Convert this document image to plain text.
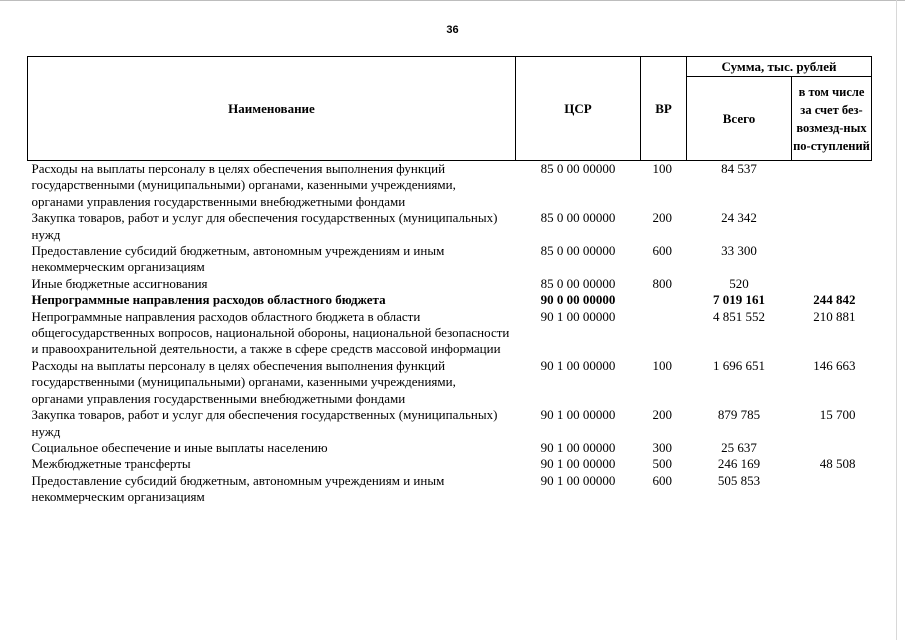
36
Наименование	ЦСР	ВР	Сумма, тыс. рублей	
			Всего	в том числе за счет без-возмезд-ных по-ступлений
Расходы на выплаты персоналу в целях обеспечения выполнения функций государственными (муниципальными) органами, казенными учреждениями, органами управления государственными внебюджетными фондами	85 0 00 00000	100	84 537	
Закупка товаров, работ и услуг для обеспечения государственных (муниципальных) нужд	85 0 00 00000	200	24 342	
Предоставление субсидий бюджетным, автономным учреждениям и иным некоммерческим организациям	85 0 00 00000	600	33 300	
Иные бюджетные ассигнования	85 0 00 00000	800	520	
Непрограммные направления расходов областного бюджета	90 0 00 00000		7 019 161	244 842
Непрограммные направления расходов областного бюджета в области общегосударственных вопросов, национальной обороны, национальной безопасности и правоохранительной деятельности, а также в сфере средств массовой информации	90 1 00 00000		4 851 552	210 881
Расходы на выплаты персоналу в целях обеспечения выполнения функций государственными (муниципальными) органами, казенными учреждениями, органами управления государственными внебюджетными фондами	90 1 00 00000	100	1 696 651	146 663
Закупка товаров, работ и услуг для обеспечения государственных (муниципальных) нужд	90 1 00 00000	200	879 785	15 700
Социальное обеспечение и иные выплаты населению	90 1 00 00000	300	25 637	
Межбюджетные трансферты	90 1 00 00000	500	246 169	48 508
Предоставление субсидий бюджетным, автономным учреждениям и иным некоммерческим организациям	90 1 00 00000	600	505 853	
